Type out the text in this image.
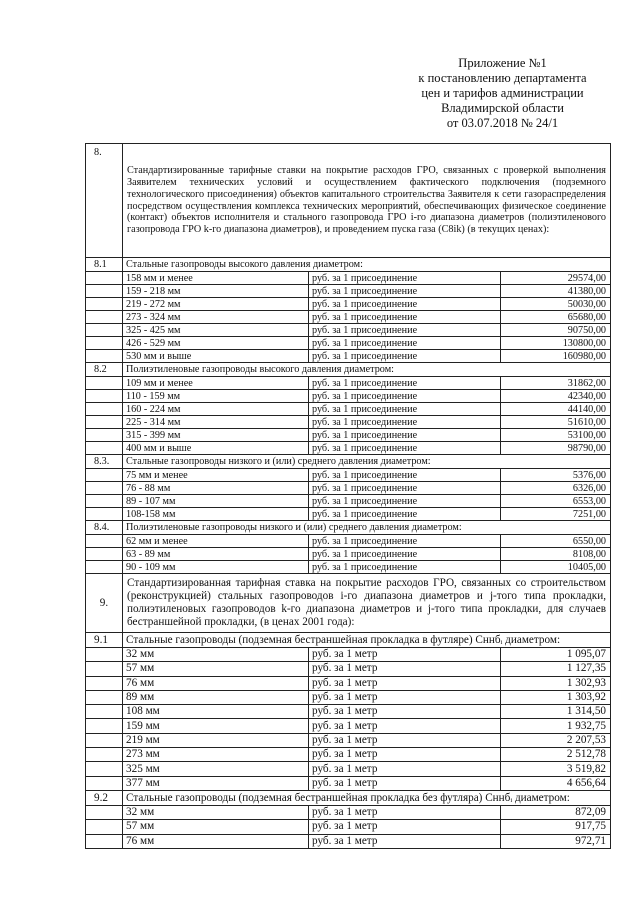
Приложение №1
к постановлению департамента
цен и тарифов администрации
Владимирской области
от 03.07.2018 № 24/1
8.	Стандартизированные тарифные ставки на покрытие расходов ГРО, связанных с проверкой выполнения Заявителем технических условий и осуществлением фактического подключения (подземного технологического присоединения) объектов капитального строительства Заявителя к сети газораспределения посредством осуществления комплекса технических мероприятий, обеспечивающих физическое соединение (контакт) объектов исполнителя и стального газопровода ГРО i-го диапазона диаметров (полиэтиленового газопровода ГРО k-го диапазона диаметров), и проведением пуска газа (C8ik) (в текущих ценах):		
8.1	Стальные газопроводы высокого давления диаметром:		
	158 мм и менее	руб. за 1 присоединение	29574,00
	159 - 218 мм	руб. за 1 присоединение	41380,00
	219 - 272 мм	руб. за 1 присоединение	50030,00
	273 - 324 мм	руб. за 1 присоединение	65680,00
	325 - 425 мм	руб. за 1 присоединение	90750,00
	426 - 529 мм	руб. за 1 присоединение	130800,00
	530 мм и выше	руб. за 1 присоединение	160980,00
8.2	Полиэтиленовые газопроводы высокого давления диаметром:		
	109 мм и менее	руб. за 1 присоединение	31862,00
	110 - 159 мм	руб. за 1 присоединение	42340,00
	160 - 224 мм	руб. за 1 присоединение	44140,00
	225 - 314 мм	руб. за 1 присоединение	51610,00
	315 - 399 мм	руб. за 1 присоединение	53100,00
	400 мм и выше	руб. за 1 присоединение	98790,00
8.3.	Стальные газопроводы низкого и (или) среднего давления диаметром:		
	75 мм и менее	руб. за 1 присоединение	5376,00
	76 - 88 мм	руб. за 1 присоединение	6326,00
	89 - 107 мм	руб. за 1 присоединение	6553,00
	108-158 мм	руб. за 1 присоединение	7251,00
8.4.	Полиэтиленовые газопроводы низкого и (или) среднего давления диаметром:		
	62 мм и менее	руб. за 1 присоединение	6550,00
	63 - 89 мм	руб. за 1 присоединение	8108,00
	90 - 109 мм	руб. за 1 присоединение	10405,00
9.	Стандартизированная тарифная ставка на покрытие расходов ГРО, связанных со строительством (реконструкцией) стальных газопроводов i-го диапазона диаметров и j-того типа прокладки, полиэтиленовых газопроводов k-го диапазона диаметров и j-того типа прокладки, для случаев бестраншейной прокладки, (в ценах 2001 года):		
9.1	Стальные газопроводы (подземная бестраншейная прокладка в футляре) Сннбᵢ диаметром:		
	32 мм	руб. за 1 метр	1 095,07
	57 мм	руб. за 1 метр	1 127,35
	76 мм	руб. за 1 метр	1 302,93
	89 мм	руб. за 1 метр	1 303,92
	108 мм	руб. за 1 метр	1 314,50
	159 мм	руб. за 1 метр	1 932,75
	219 мм	руб. за 1 метр	2 207,53
	273 мм	руб. за 1 метр	2 512,78
	325 мм	руб. за 1 метр	3 519,82
	377 мм	руб. за 1 метр	4 656,64
9.2	Стальные газопроводы (подземная бестраншейная прокладка без футляра) Сннбᵢ диаметром:		
	32 мм	руб. за 1 метр	872,09
	57 мм	руб. за 1 метр	917,75
	76 мм	руб. за 1 метр	972,71
